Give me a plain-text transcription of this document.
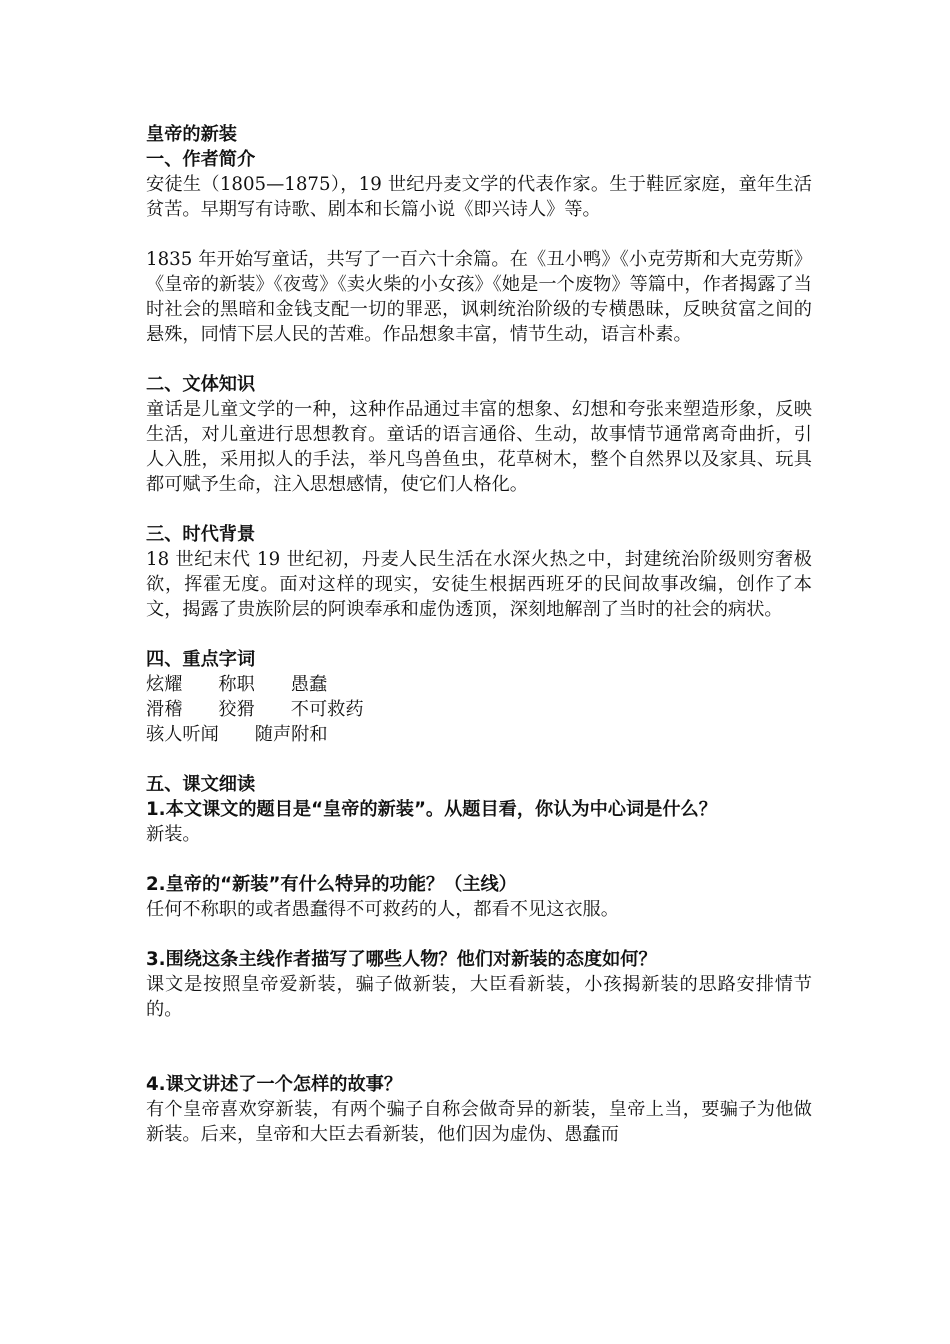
皇帝的新装

一、作者简介

安徒生（1805—1875），19 世纪丹麦文学的代表作家。生于鞋匠家庭，童年生活贫苦。早期写有诗歌、剧本和长篇小说《即兴诗人》等。

1835 年开始写童话，共写了一百六十余篇。在《丑小鸭》《小克劳斯和大克劳斯》《皇帝的新装》《夜莺》《卖火柴的小女孩》《她是一个废物》等篇中，作者揭露了当时社会的黑暗和金钱支配一切的罪恶，讽刺统治阶级的专横愚昧，反映贫富之间的悬殊，同情下层人民的苦难。作品想象丰富，情节生动，语言朴素。

二、文体知识

童话是儿童文学的一种，这种作品通过丰富的想象、幻想和夸张来塑造形象，反映生活，对儿童进行思想教育。童话的语言通俗、生动，故事情节通常离奇曲折，引人入胜，采用拟人的手法，举凡鸟兽鱼虫，花草树木，整个自然界以及家具、玩具都可赋予生命，注入思想感情，使它们人格化。

三、时代背景

18 世纪末代 19 世纪初，丹麦人民生活在水深火热之中，封建统治阶级则穷奢极欲，挥霍无度。面对这样的现实，安徒生根据西班牙的民间故事改编，创作了本文，揭露了贵族阶层的阿谀奉承和虚伪透顶，深刻地解剖了当时的社会的病状。

四、重点字词

炫耀 称职 愚蠢

滑稽 狡猾 不可救药

骇人听闻 随声附和

五、课文细读

1.本文课文的题目是“皇帝的新装”。从题目看，你认为中心词是什么？

新装。

2.皇帝的“新装”有什么特异的功能？（主线）

任何不称职的或者愚蠢得不可救药的人，都看不见这衣服。

3.围绕这条主线作者描写了哪些人物？他们对新装的态度如何？

课文是按照皇帝爱新装，骗子做新装，大臣看新装，小孩揭新装的思路安排情节的。

4.课文讲述了一个怎样的故事？

有个皇帝喜欢穿新装，有两个骗子自称会做奇异的新装，皇帝上当，要骗子为他做新装。后来，皇帝和大臣去看新装，他们因为虚伪、愚蠢而
